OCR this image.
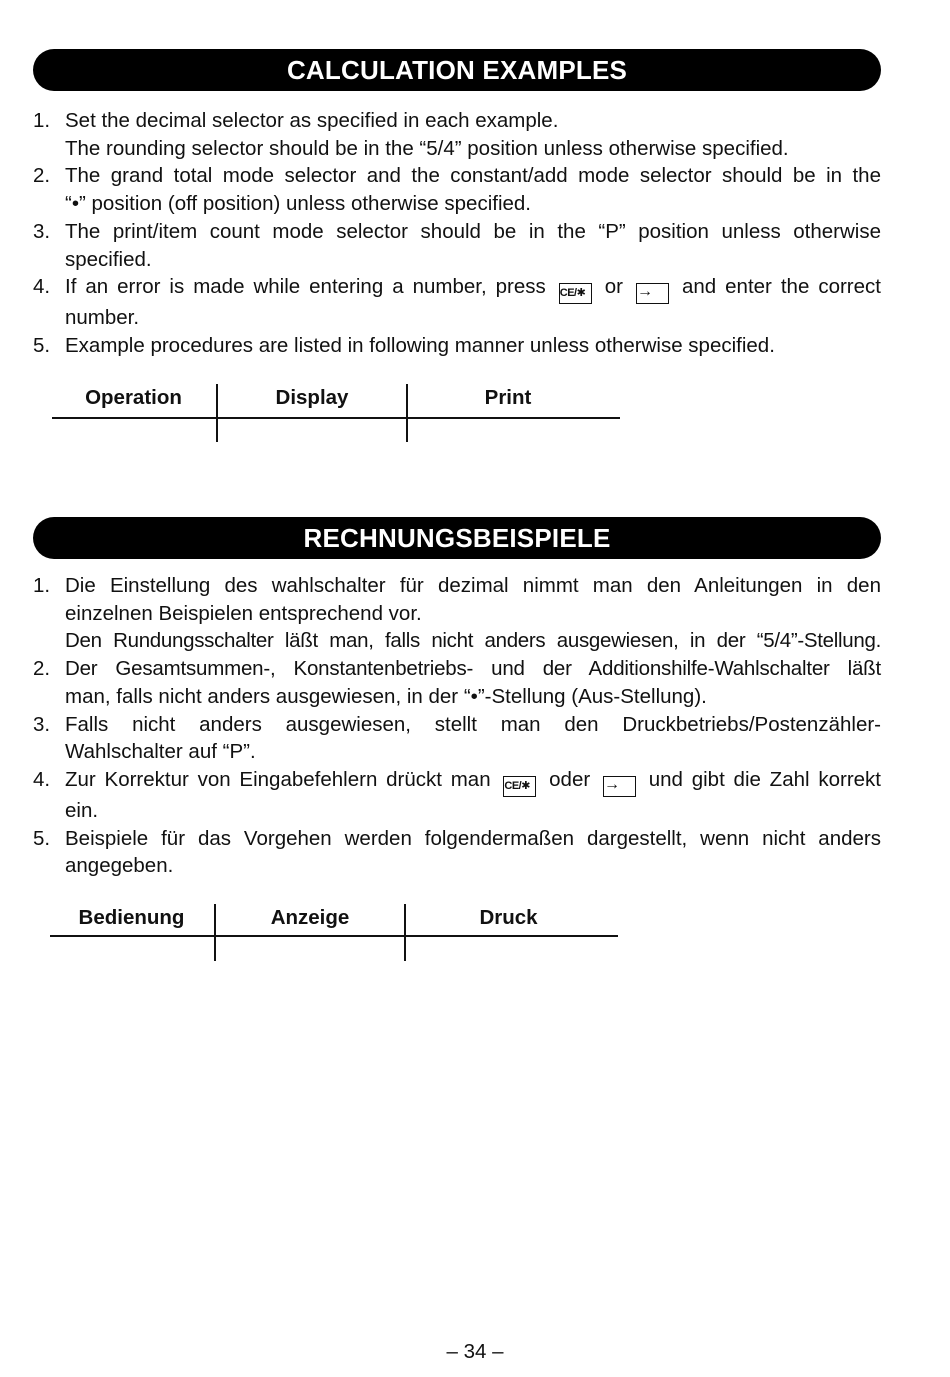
CALCULATION EXAMPLES
1. Set the decimal selector as specified in each example.
The rounding selector should be in the “5/4” position unless otherwise specified.
2. The grand total mode selector and the constant/add mode selector should be in the
“•” position (off position) unless otherwise specified.
3. The print/item count mode selector should be in the “P” position unless otherwise
specified.
4. If an error is made while entering a number, press CE/✱ or → and enter the correct
number.
5. Example procedures are listed in following manner unless otherwise specified.
Operation	Display	Print
RECHNUNGSBEISPIELE
1. Die Einstellung des wahlschalter für dezimal nimmt man den Anleitungen in den
einzelnen Beispielen entsprechend vor.
Den Rundungsschalter läßt man, falls nicht anders ausgewiesen, in der “5/4”-Stellung.
2. Der Gesamtsummen-, Konstantenbetriebs- und der Additionshilfe-Wahlschalter läßt
man, falls nicht anders ausgewiesen, in der “•”-Stellung (Aus-Stellung).
3. Falls nicht anders ausgewiesen, stellt man den Druckbetriebs/Postenzähler-
Wahlschalter auf “P”.
4. Zur Korrektur von Eingabefehlern drückt man CE/✱ oder → und gibt die Zahl korrekt
ein.
5. Beispiele für das Vorgehen werden folgendermaßen dargestellt, wenn nicht anders
angegeben.
Bedienung	Anzeige	Druck
– 34 –
